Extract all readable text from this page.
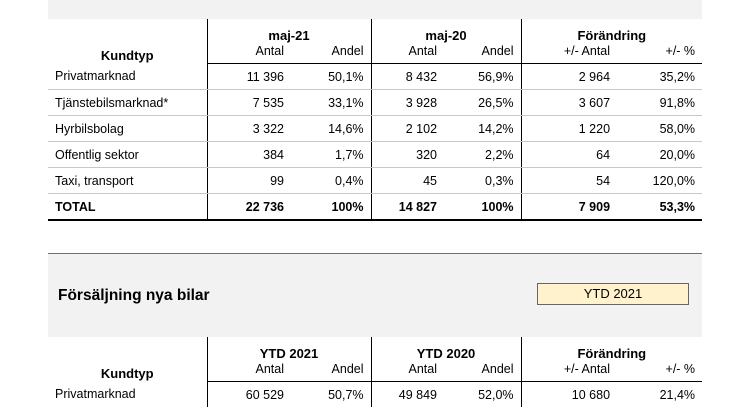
Kundtyp	maj-21		maj-20		Förändring	
	Antal	Andel	Antal	Andel	+/- Antal	+/- %
Privatmarknad	11 396	50,1%	8 432	56,9%	2 964	35,2%
Tjänstebilsmarknad*	7 535	33,1%	3 928	26,5%	3 607	91,8%
Hyrbilsbolag	3 322	14,6%	2 102	14,2%	1 220	58,0%
Offentlig sektor	384	1,7%	320	2,2%	64	20,0%
Taxi, transport	99	0,4%	45	0,3%	54	120,0%
TOTAL	22 736	100%	14 827	100%	7 909	53,3%
Försäljning nya bilar	YTD 2021
Kundtyp	YTD 2021		YTD 2020		Förändring	
	Antal	Andel	Antal	Andel	+/- Antal	+/- %
Privatmarknad	60 529	50,7%	49 849	52,0%	10 680	21,4%
